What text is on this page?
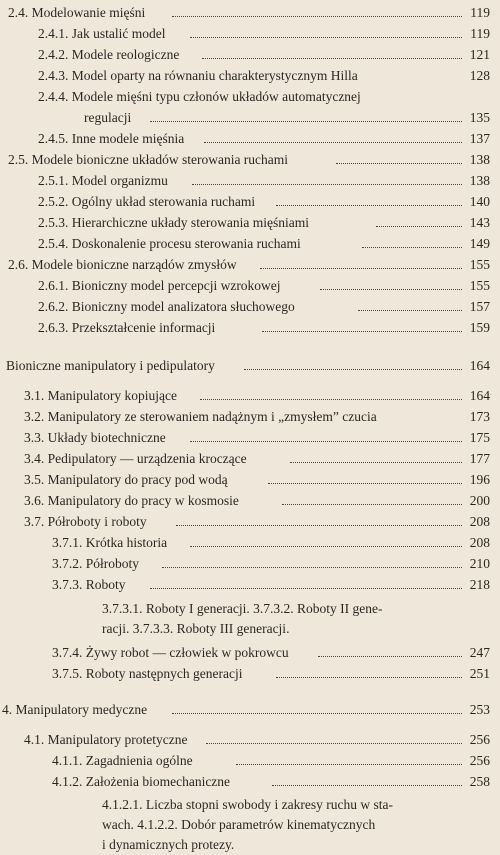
2.4. Modelowanie mięśni	119
2.4.1. Jak ustalić model	119
2.4.2. Modele reologiczne	121
2.4.3. Model oparty na równaniu charakterystycznym Hilla	128
2.4.4. Modele mięśni typu członów układów automatycznej
regulacji	135
2.4.5. Inne modele mięśnia	137
2.5. Modele bioniczne układów sterowania ruchami	138
2.5.1. Model organizmu	138
2.5.2. Ogólny układ sterowania ruchami	140
2.5.3. Hierarchiczne układy sterowania mięśniami	143
2.5.4. Doskonalenie procesu sterowania ruchami	149
2.6. Modele bioniczne narządów zmysłów	155
2.6.1. Bioniczny model percepcji wzrokowej	155
2.6.2. Bioniczny model analizatora słuchowego	157
2.6.3. Przekształcenie informacji	159
Bioniczne manipulatory i pedipulatory	164
3.1. Manipulatory kopiujące	164
3.2. Manipulatory ze sterowaniem nadążnym i „zmysłem” czucia	173
3.3. Układy biotechniczne	175
3.4. Pedipulatory — urządzenia kroczące	177
3.5. Manipulatory do pracy pod wodą	196
3.6. Manipulatory do pracy w kosmosie	200
3.7. Półroboty i roboty	208
3.7.1. Krótka historia	208
3.7.2. Półroboty	210
3.7.3. Roboty	218
3.7.3.1. Roboty I generacji. 3.7.3.2. Roboty II gene-
racji. 3.7.3.3. Roboty III generacji.
3.7.4. Żywy robot — człowiek w pokrowcu	247
3.7.5. Roboty następnych generacji	251
4. Manipulatory medyczne	253
4.1. Manipulatory protetyczne	256
4.1.1. Zagadnienia ogólne	256
4.1.2. Założenia biomechaniczne	258
4.1.2.1. Liczba stopni swobody i zakresy ruchu w sta-
wach. 4.1.2.2. Dobór parametrów kinematycznych
i dynamicznych protezy.
